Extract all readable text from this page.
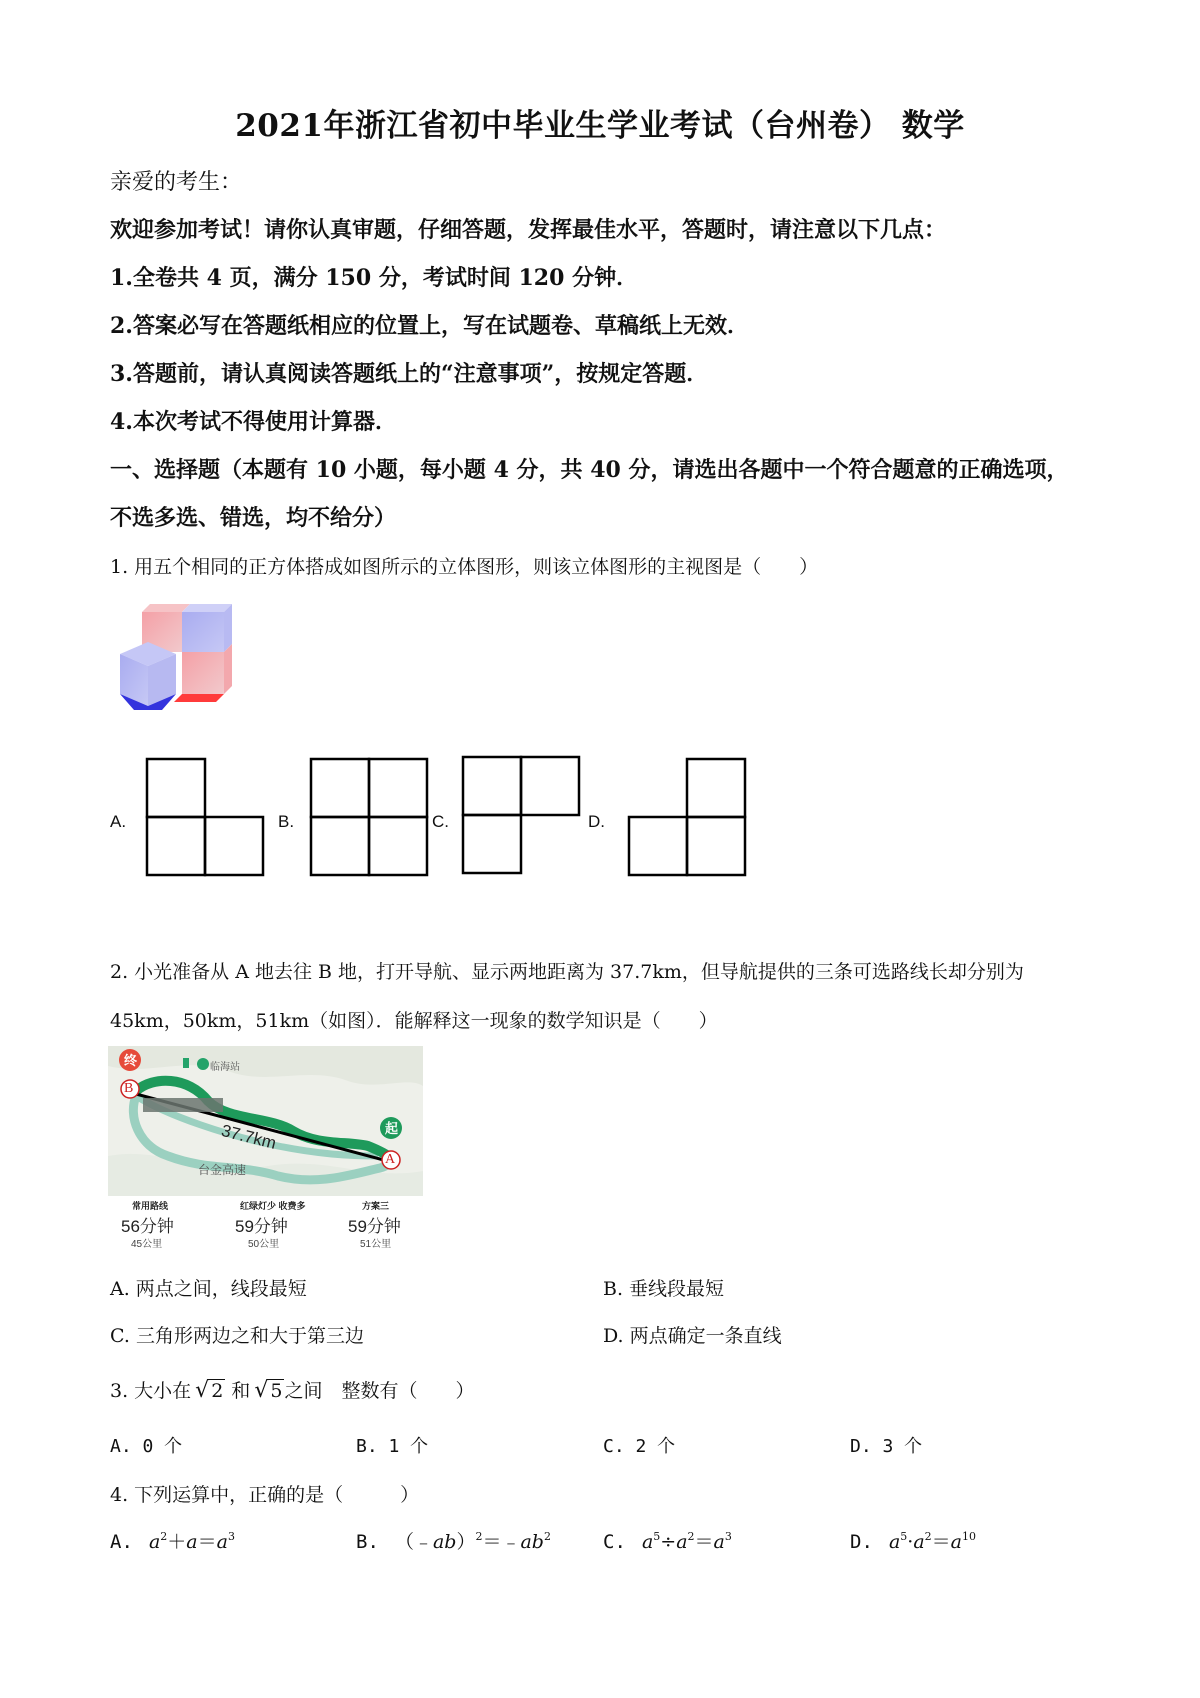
2021年浙江省初中毕业生学业考试（台州卷） 数学
亲爱的考生：
欢迎参加考试！请你认真审题，仔细答题，发挥最佳水平，答题时，请注意以下几点：
1.全卷共 4 页，满分 150 分，考试时间 120 分钟．
2.答案必写在答题纸相应的位置上，写在试题卷、草稿纸上无效．
3.答题前，请认真阅读答题纸上的“注意事项”，按规定答题．
4.本次考试不得使用计算器．
一、选择题（本题有 10 小题，每小题 4 分，共 40 分，请选出各题中一个符合题意的正确选项，
不选多选、错选，均不给分）
1. 用五个相同的正方体搭成如图所示的立体图形，则该立体图形的主视图是（　　）
A.	B.	C.	D.
2. 小光准备从 A 地去往 B 地，打开导航、显示两地距离为 37.7km，但导航提供的三条可选路线长却分别为
45km，50km，51km（如图）．能解释这一现象的数学知识是（　　）
终
B
起
A
临海站
37.7km
台金高速
常用路线
56分钟
45公里
红绿灯少 收费多
59分钟
50公里
方案三
59分钟
51公里
A. 两点之间，线段最短	B. 垂线段最短
C. 三角形两边之和大于第三边	D. 两点确定一条直线
3. 大小在 √ 2 和 √ 5 之间　整数有（　　）
A. 0 个	B. 1 个	C. 2 个	D. 3 个
4. 下列运算中，正确的是（　　　）
A. $a^2+a=a^3$	B. $(﹣ab)^2=﹣ab^2$	C. $a^5\div a^2=a^3$	D. $a^5\cdot a^2=a^{10}$
